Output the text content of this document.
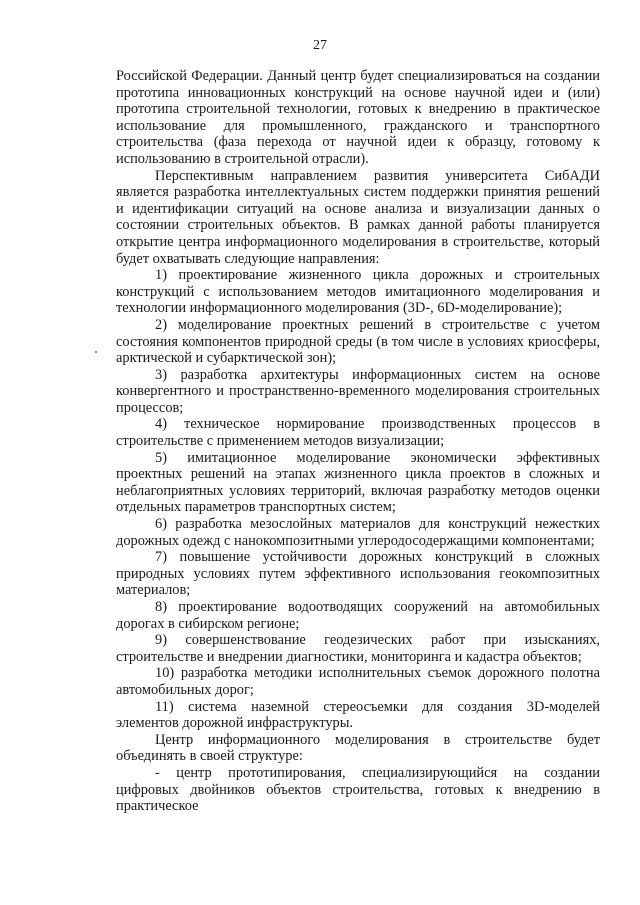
27

Российской Федерации. Данный центр будет специализироваться на создании прототипа инновационных конструкций на основе научной идеи и (или) прототипа строительной технологии, готовых к внедрению в практическое использование для промышленного, гражданского и транспортного строительства (фаза перехода от научной идеи к образцу, готовому к использованию в строительной отрасли).

Перспективным направлением развития университета СибАДИ является разработка интеллектуальных систем поддержки принятия решений и идентификации ситуаций на основе анализа и визуализации данных о состоянии строительных объектов. В рамках данной работы планируется открытие центра информационного моделирования в строительстве, который будет охватывать следующие направления:

1) проектирование жизненного цикла дорожных и строительных конструкций с использованием методов имитационного моделирования и технологии информационного моделирования (3D-, 6D-моделирование);

2) моделирование проектных решений в строительстве с учетом состояния компонентов природной среды (в том числе в условиях криосферы, арктической и субарктической зон);

3) разработка архитектуры информационных систем на основе конвергентного и пространственно-временного моделирования строительных процессов;

4) техническое нормирование производственных процессов в строительстве с применением методов визуализации;

5) имитационное моделирование экономически эффективных проектных решений на этапах жизненного цикла проектов в сложных и неблагоприятных условиях территорий, включая разработку методов оценки отдельных параметров транспортных систем;

6) разработка мезослойных материалов для конструкций нежестких дорожных одежд с нанокомпозитными углеродосодержащими компонентами;

7) повышение устойчивости дорожных конструкций в сложных природных условиях путем эффективного использования геокомпозитных материалов;

8) проектирование водоотводящих сооружений на автомобильных дорогах в сибирском регионе;

9) совершенствование геодезических работ при изысканиях, строительстве и внедрении диагностики, мониторинга и кадастра объектов;

10) разработка методики исполнительных съемок дорожного полотна автомобильных дорог;

11) система наземной стереосъемки для создания 3D-моделей элементов дорожной инфраструктуры.

Центр информационного моделирования в строительстве будет объединять в своей структуре:

- центр прототипирования, специализирующийся на создании цифровых двойников объектов строительства, готовых к внедрению в практическое
